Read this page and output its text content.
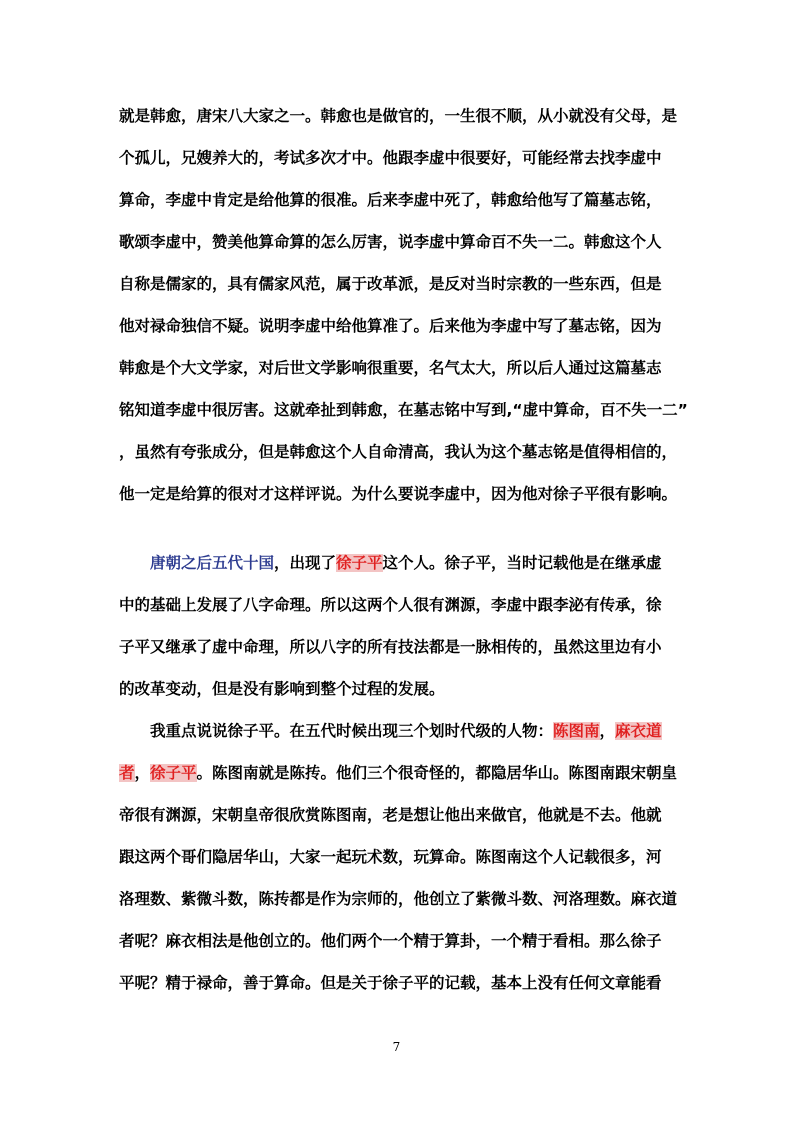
就是韩愈，唐宋八大家之一。韩愈也是做官的，一生很不顺，从小就没有父母，是
个孤儿，兄嫂养大的，考试多次才中。他跟李虚中很要好，可能经常去找李虚中
算命，李虚中肯定是给他算的很准。后来李虚中死了，韩愈给他写了篇墓志铭，
歌颂李虚中，赞美他算命算的怎么厉害，说李虚中算命百不失一二。韩愈这个人
自称是儒家的，具有儒家风范，属于改革派，是反对当时宗教的一些东西，但是
他对禄命独信不疑。说明李虚中给他算准了。后来他为李虚中写了墓志铭，因为
韩愈是个大文学家，对后世文学影响很重要，名气太大，所以后人通过这篇墓志
铭知道李虚中很厉害。这就牵扯到韩愈，在墓志铭中写到,“虚中算命，百不失一二”
，虽然有夸张成分，但是韩愈这个人自命清高，我认为这个墓志铭是值得相信的，
他一定是给算的很对才这样评说。为什么要说李虚中，因为他对徐子平很有影响。
唐朝之后五代十国，出现了徐子平这个人。徐子平，当时记载他是在继承虚
中的基础上发展了八字命理。所以这两个人很有渊源，李虚中跟李泌有传承，徐
子平又继承了虚中命理，所以八字的所有技法都是一脉相传的，虽然这里边有小
的改革变动，但是没有影响到整个过程的发展。
我重点说说徐子平。在五代时候出现三个划时代级的人物：陈图南，麻衣道
者，徐子平。陈图南就是陈抟。他们三个很奇怪的，都隐居华山。陈图南跟宋朝皇
帝很有渊源，宋朝皇帝很欣赏陈图南，老是想让他出来做官，他就是不去。他就
跟这两个哥们隐居华山，大家一起玩术数，玩算命。陈图南这个人记载很多，河
洛理数、紫微斗数，陈抟都是作为宗师的，他创立了紫微斗数、河洛理数。麻衣道
者呢？麻衣相法是他创立的。他们两个一个精于算卦，一个精于看相。那么徐子
平呢？精于禄命，善于算命。但是关于徐子平的记载，基本上没有任何文章能看
7
